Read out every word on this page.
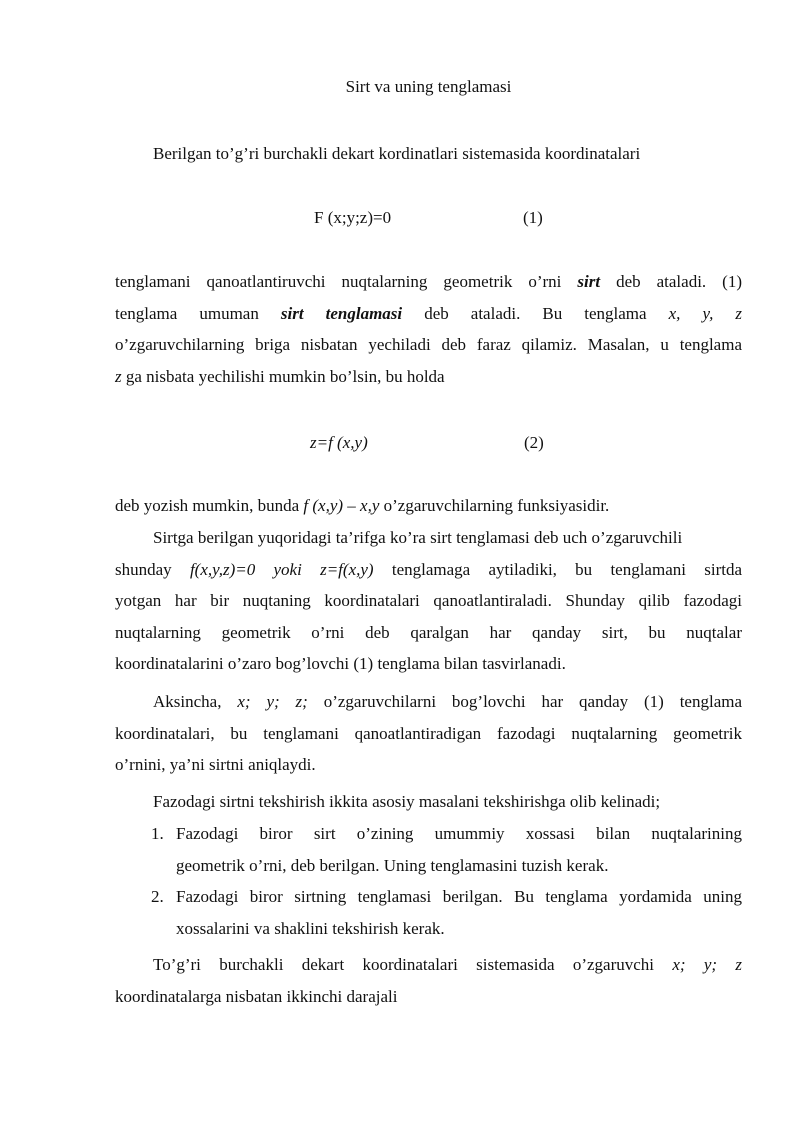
Sirt va uning tenglamasi
Berilgan to’g’ri burchakli dekart kordinatlari sistemasida koordinatalari
F (x;y;z)=0	(1)
tenglamani qanoatlantiruvchi nuqtalarning geometrik o’rni sirt deb ataladi. (1)
tenglama umuman sirt tenglamasi deb ataladi. Bu tenglama x, y, z
o’zgaruvchilarning briga nisbatan yechiladi deb faraz qilamiz. Masalan, u tenglama
z ga nisbata yechilishi mumkin bo’lsin, bu holda
z=f (x,y)	(2)
deb yozish mumkin, bunda f (x,y) – x,y o’zgaruvchilarning funksiyasidir.
Sirtga berilgan yuqoridagi ta’rifga ko’ra sirt tenglamasi deb uch o’zgaruvchili
shunday f(x,y,z)=0 yoki z=f(x,y) tenglamaga aytiladiki, bu tenglamani sirtda
yotgan har bir nuqtaning koordinatalari qanoatlantiraladi. Shunday qilib fazodagi
nuqtalarning geometrik o’rni deb qaralgan har qanday sirt, bu nuqtalar
koordinatalarini o’zaro bog’lovchi (1) tenglama bilan tasvirlanadi.
Aksincha, x; y; z; o’zgaruvchilarni bog’lovchi har qanday (1) tenglama
koordinatalari, bu tenglamani qanoatlantiradigan fazodagi nuqtalarning geometrik
o’rnini, ya’ni sirtni aniqlaydi.
Fazodagi sirtni tekshirish ikkita asosiy masalani tekshirishga olib kelinadi;
1. Fazodagi biror sirt o’zining umummiy xossasi bilan nuqtalarining
geometrik o’rni, deb berilgan. Uning tenglamasini tuzish kerak.
2. Fazodagi biror sirtning tenglamasi berilgan. Bu tenglama yordamida uning
xossalarini va shaklini tekshirish kerak.
To’g’ri burchakli dekart koordinatalari sistemasida o’zgaruvchi x; y; z
koordinatalarga nisbatan ikkinchi darajali
